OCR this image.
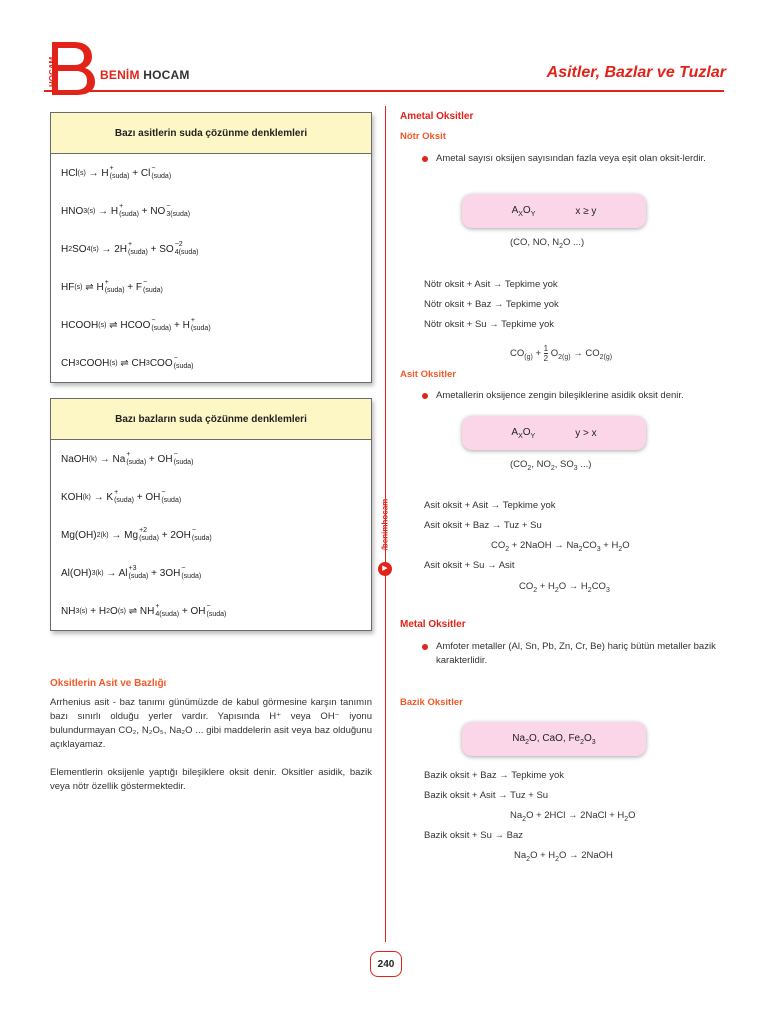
HOCAM	BENİM HOCAM	Asitler, Bazlar ve Tuzlar
Bazı asitlerin suda çözünme denklemleri
HCl (s) → H +
(suda) + Cl −
(suda)
HNO 3(s) → H +
(suda) + NO −
3(suda)
H 2 SO 4(s) → 2H +
(suda) + SO −2
4(suda)
HF (s) ⇌ H +
(suda) + F −
(suda)
HCOOH (s) ⇌ HCOO −
(suda) + H +
(suda)
CH 3 COOH (s) ⇌ CH 3 COO −
(suda)
Bazı bazların suda çözünme denklemleri
NaOH (k) → Na +
(suda) + OH −
(suda)
KOH (k) → K +
(suda) + OH −
(suda)
Mg(OH) 2(k) → Mg +2
(suda) + 2OH −
(suda)
Al(OH) 3(k) → Al +3
(suda) + 3OH −
(suda)
NH 3(s) + H 2 O (s) ⇌ NH +
4(suda) + OH −
(suda)
Oksitlerin Asit ve Bazlığı
Arrhenius asit - baz tanımı günümüzde de kabul görmesine karşın tanımın bazı sınırlı olduğu yerler vardır. Yapısında H⁺ veya OH⁻ iyonu bulundurmayan CO₂, N₂O₅, Na₂O ... gibi maddelerin asit veya baz olduğunu açıklayamaz.
Elementlerin oksijenle yaptığı bileşiklere oksit denir. Oksitler asidik, bazik veya nötr özellik göstermektedir.
/benimhocam
▶
Ametal Oksitler
Nötr Oksit
Ametal sayısı oksijen sayısından fazla veya eşit olan oksit-lerdir.
$A_XO_Y$	x ≥ y
(CO, NO, $N_2O$ ...)
Nötr oksit + Asit → Tepkime yok
Nötr oksit + Baz → Tepkime yok
Nötr oksit + Su → Tepkime yok
$CO_{(g)} + \frac{1}{2} O_{2(g)} \to CO_{2(g)}$
Asit Oksitler
Ametallerin oksijence zengin bileşiklerine asidik oksit denir.
$A_XO_Y$	y > x
($CO_2$, $NO_2$, $SO_3$ ...)
Asit oksit + Asit → Tepkime yok
Asit oksit + Baz → Tuz + Su
$CO_2$ + 2NaOH → $Na_2CO_3 + H_2O$
Asit oksit + Su → Asit
$CO_2 + H_2O \to H_2CO_3$
Metal Oksitler
Amfoter metaller (Al, Sn, Pb, Zn, Cr, Be) hariç bütün metaller bazik karakterlidir.
Bazik Oksitler
$Na_2O$, CaO, $Fe_2O_3$
Bazik oksit + Baz → Tepkime yok
Bazik oksit + Asit → Tuz + Su
$Na_2O + 2HCl$ → 2NaCl + $H_2O$
Bazik oksit + Su → Baz
$Na_2O + H_2O$ → 2NaOH
240
